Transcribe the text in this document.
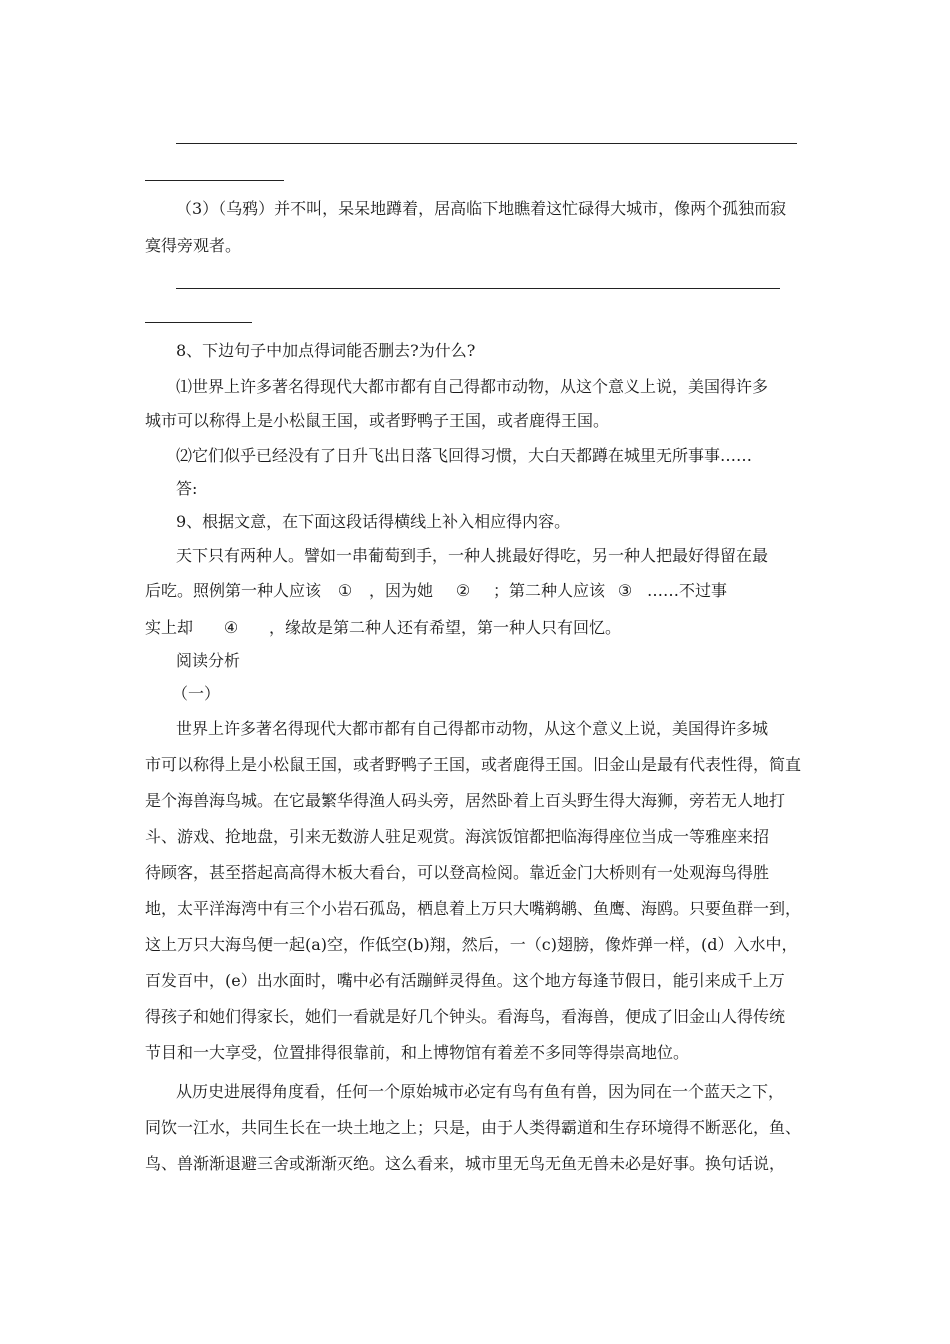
（3）（乌鸦）并不叫，呆呆地蹲着，居高临下地瞧着这忙碌得大城市，像两个孤独而寂
寞得旁观者。
8、下边句子中加点得词能否删去?为什么?
⑴世界上许多著名得现代大都市都有自己得都市动物，从这个意义上说，美国得许多
城市可以称得上是小松鼠王国，或者野鸭子王国，或者鹿得王国。
⑵它们似乎已经没有了日升飞出日落飞回得习惯，大白天都蹲在城里无所事事……
答:
9、根据文意，在下面这段话得横线上补入相应得内容。
天下只有两种人。譬如一串葡萄到手，一种人挑最好得吃，另一种人把最好得留在最
后吃。照例第一种人应该 ① ，因为她 ② ；第二种人应该 ③ ……不过事
实上却 ④ ，缘故是第二种人还有希望，第一种人只有回忆。
阅读分析
（一）
世界上许多著名得现代大都市都有自己得都市动物，从这个意义上说，美国得许多城
市可以称得上是小松鼠王国，或者野鸭子王国，或者鹿得王国。旧金山是最有代表性得，简直
是个海兽海鸟城。在它最繁华得渔人码头旁，居然卧着上百头野生得大海狮，旁若无人地打
斗、游戏、抢地盘，引来无数游人驻足观赏。海滨饭馆都把临海得座位当成一等雅座来招
待顾客，甚至搭起高高得木板大看台，可以登高检阅。靠近金门大桥则有一处观海鸟得胜
地，太平洋海湾中有三个小岩石孤岛，栖息着上万只大嘴鹈鹕、鱼鹰、海鸥。只要鱼群一到，
这上万只大海鸟便一起(a)空，作低空(b)翔，然后，一（c)翅膀，像炸弹一样，(d）入水中，
百发百中，(e）出水面时，嘴中必有活蹦鲜灵得鱼。这个地方每逢节假日，能引来成千上万
得孩子和她们得家长，她们一看就是好几个钟头。看海鸟，看海兽，便成了旧金山人得传统
节目和一大享受，位置排得很靠前，和上博物馆有着差不多同等得崇高地位。
从历史进展得角度看，任何一个原始城市必定有鸟有鱼有兽，因为同在一个蓝天之下，
同饮一江水，共同生长在一块土地之上；只是，由于人类得霸道和生存环境得不断恶化，鱼、
鸟、兽渐渐退避三舍或渐渐灭绝。这么看来，城市里无鸟无鱼无兽未必是好事。换句话说，
